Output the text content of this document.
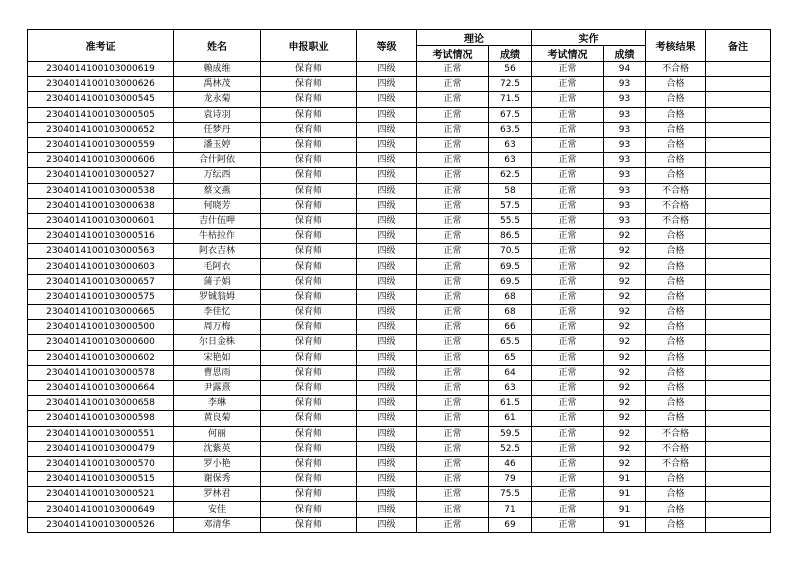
准考证	姓名	申报职业	等级	理论		实作		考核结果	备注
				考试情况	成绩	考试情况	成绩		
2304014100103000619	赖成维	保育师	四级	正常	56	正常	94	不合格	
2304014100103000626	禹林茂	保育师	四级	正常	72.5	正常	93	合格	
2304014100103000545	龙永菊	保育师	四级	正常	71.5	正常	93	合格	
2304014100103000505	袁诗羽	保育师	四级	正常	67.5	正常	93	合格	
2304014100103000652	任梦丹	保育师	四级	正常	63.5	正常	93	合格	
2304014100103000559	潘玉婷	保育师	四级	正常	63	正常	93	合格	
2304014100103000606	合什阿依	保育师	四级	正常	63	正常	93	合格	
2304014100103000527	万纭西	保育师	四级	正常	62.5	正常	93	合格	
2304014100103000538	蔡文燕	保育师	四级	正常	58	正常	93	不合格	
2304014100103000638	何晓芳	保育师	四级	正常	57.5	正常	93	不合格	
2304014100103000601	吉什伍呷	保育师	四级	正常	55.5	正常	93	不合格	
2304014100103000516	牛枯拉作	保育师	四级	正常	86.5	正常	92	合格	
2304014100103000563	阿衣吉林	保育师	四级	正常	70.5	正常	92	合格	
2304014100103000603	毛阿衣	保育师	四级	正常	69.5	正常	92	合格	
2304014100103000657	蒲子娟	保育师	四级	正常	69.5	正常	92	合格	
2304014100103000575	罗铖翁姆	保育师	四级	正常	68	正常	92	合格	
2304014100103000665	李佳忆	保育师	四级	正常	68	正常	92	合格	
2304014100103000500	周万梅	保育师	四级	正常	66	正常	92	合格	
2304014100103000600	尔日金株	保育师	四级	正常	65.5	正常	92	合格	
2304014100103000602	宋艳如	保育师	四级	正常	65	正常	92	合格	
2304014100103000578	曹思雨	保育师	四级	正常	64	正常	92	合格	
2304014100103000664	尹露熹	保育师	四级	正常	63	正常	92	合格	
2304014100103000658	李琳	保育师	四级	正常	61.5	正常	92	合格	
2304014100103000598	黄良菊	保育师	四级	正常	61	正常	92	合格	
2304014100103000551	何丽	保育师	四级	正常	59.5	正常	92	不合格	
2304014100103000479	沈紫英	保育师	四级	正常	52.5	正常	92	不合格	
2304014100103000570	罗小艳	保育师	四级	正常	46	正常	92	不合格	
2304014100103000515	谢保秀	保育师	四级	正常	79	正常	91	合格	
2304014100103000521	罗林君	保育师	四级	正常	75.5	正常	91	合格	
2304014100103000649	安佳	保育师	四级	正常	71	正常	91	合格	
2304014100103000526	邓清华	保育师	四级	正常	69	正常	91	合格	
